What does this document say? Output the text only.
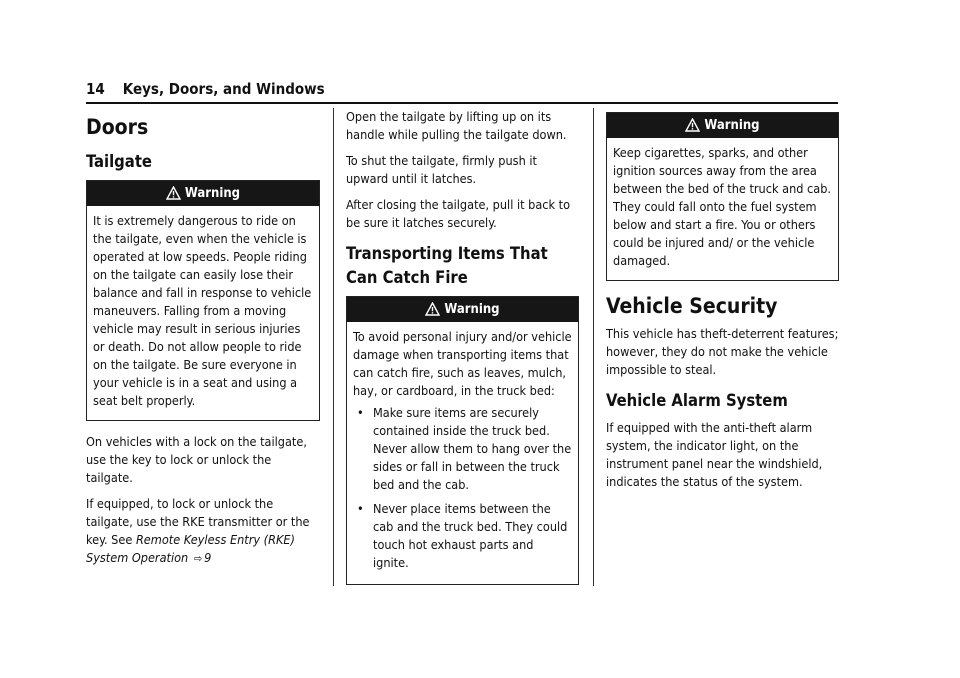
14 Keys, Doors, and Windows
Doors
Tailgate
Warning

It is extremely dangerous to ride on the tailgate, even when the vehicle is operated at low speeds. People riding on the tailgate can easily lose their balance and fall in response to vehicle maneuvers. Falling from a moving vehicle may result in serious injuries or death. Do not allow people to ride on the tailgate. Be sure everyone in your vehicle is in a seat and using a seat belt properly.

On vehicles with a lock on the tailgate, use the key to lock or unlock the tailgate.

If equipped, to lock or unlock the tailgate, use the RKE transmitter or the key. See Remote Keyless Entry (RKE) System Operation ⇨ 9

Open the tailgate by lifting up on its handle while pulling the tailgate down.

To shut the tailgate, firmly push it upward until it latches.

After closing the tailgate, pull it back to be sure it latches securely.

Transporting Items That Can Catch Fire
Warning

To avoid personal injury and/or vehicle damage when transporting items that can catch fire, such as leaves, mulch, hay, or cardboard, in the truck bed:

• Make sure items are securely contained inside the truck bed. Never allow them to hang over the sides or fall in between the truck bed and the cab.
• Never place items between the cab and the truck bed. They could touch hot exhaust parts and ignite.
Warning

Keep cigarettes, sparks, and other ignition sources away from the area between the bed of the truck and cab. They could fall onto the fuel system below and start a fire. You or others could be injured and/ or the vehicle damaged.

Vehicle Security

This vehicle has theft-deterrent features; however, they do not make the vehicle impossible to steal.

Vehicle Alarm System

If equipped with the anti-theft alarm system, the indicator light, on the instrument panel near the windshield, indicates the status of the system.
